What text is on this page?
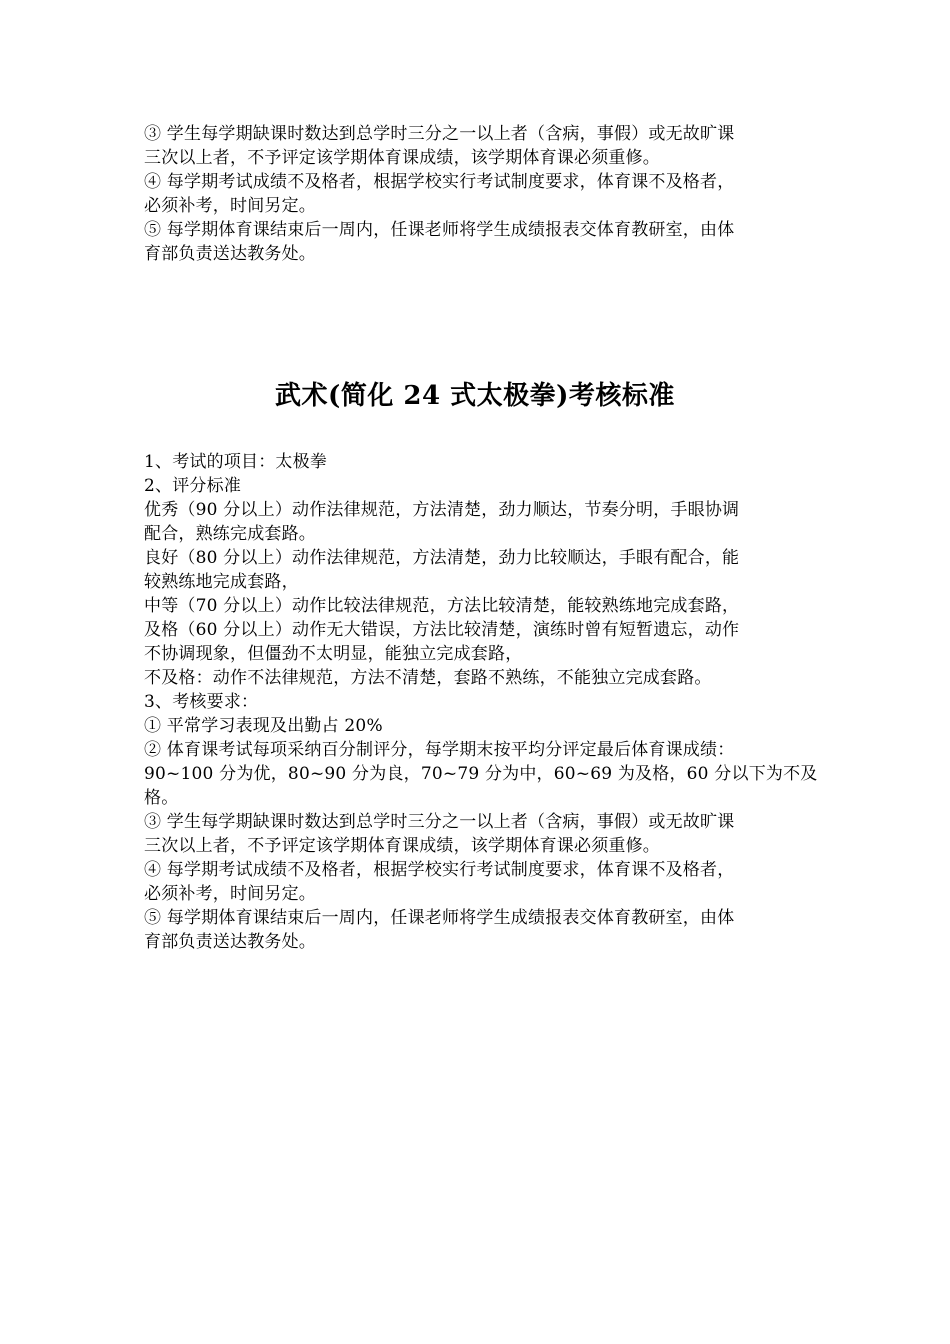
③ 学生每学期缺课时数达到总学时三分之一以上者（含病，事假）或无故旷课
三次以上者，不予评定该学期体育课成绩，该学期体育课必须重修。
④ 每学期考试成绩不及格者，根据学校实行考试制度要求，体育课不及格者，
必须补考，时间另定。
⑤ 每学期体育课结束后一周内，任课老师将学生成绩报表交体育教研室，由体
育部负责送达教务处。
武术(简化 24 式太极拳)考核标准
1、考试的项目：太极拳
2、评分标准
优秀（90 分以上）动作法律规范，方法清楚，劲力顺达，节奏分明，手眼协调
配合，熟练完成套路。
良好（80 分以上）动作法律规范，方法清楚，劲力比较顺达，手眼有配合，能
较熟练地完成套路，
中等（70 分以上）动作比较法律规范，方法比较清楚，能较熟练地完成套路，
及格（60 分以上）动作无大错误，方法比较清楚，演练时曾有短暂遗忘，动作
不协调现象，但僵劲不太明显，能独立完成套路，
不及格：动作不法律规范，方法不清楚，套路不熟练，不能独立完成套路。
3、考核要求：
① 平常学习表现及出勤占 20%
② 体育课考试每项采纳百分制评分，每学期末按平均分评定最后体育课成绩：
90~100 分为优，80~90 分为良，70~79 分为中，60~69 为及格，60 分以下为不及
格。
③ 学生每学期缺课时数达到总学时三分之一以上者（含病，事假）或无故旷课
三次以上者，不予评定该学期体育课成绩，该学期体育课必须重修。
④ 每学期考试成绩不及格者，根据学校实行考试制度要求，体育课不及格者，
必须补考，时间另定。
⑤ 每学期体育课结束后一周内，任课老师将学生成绩报表交体育教研室，由体
育部负责送达教务处。
